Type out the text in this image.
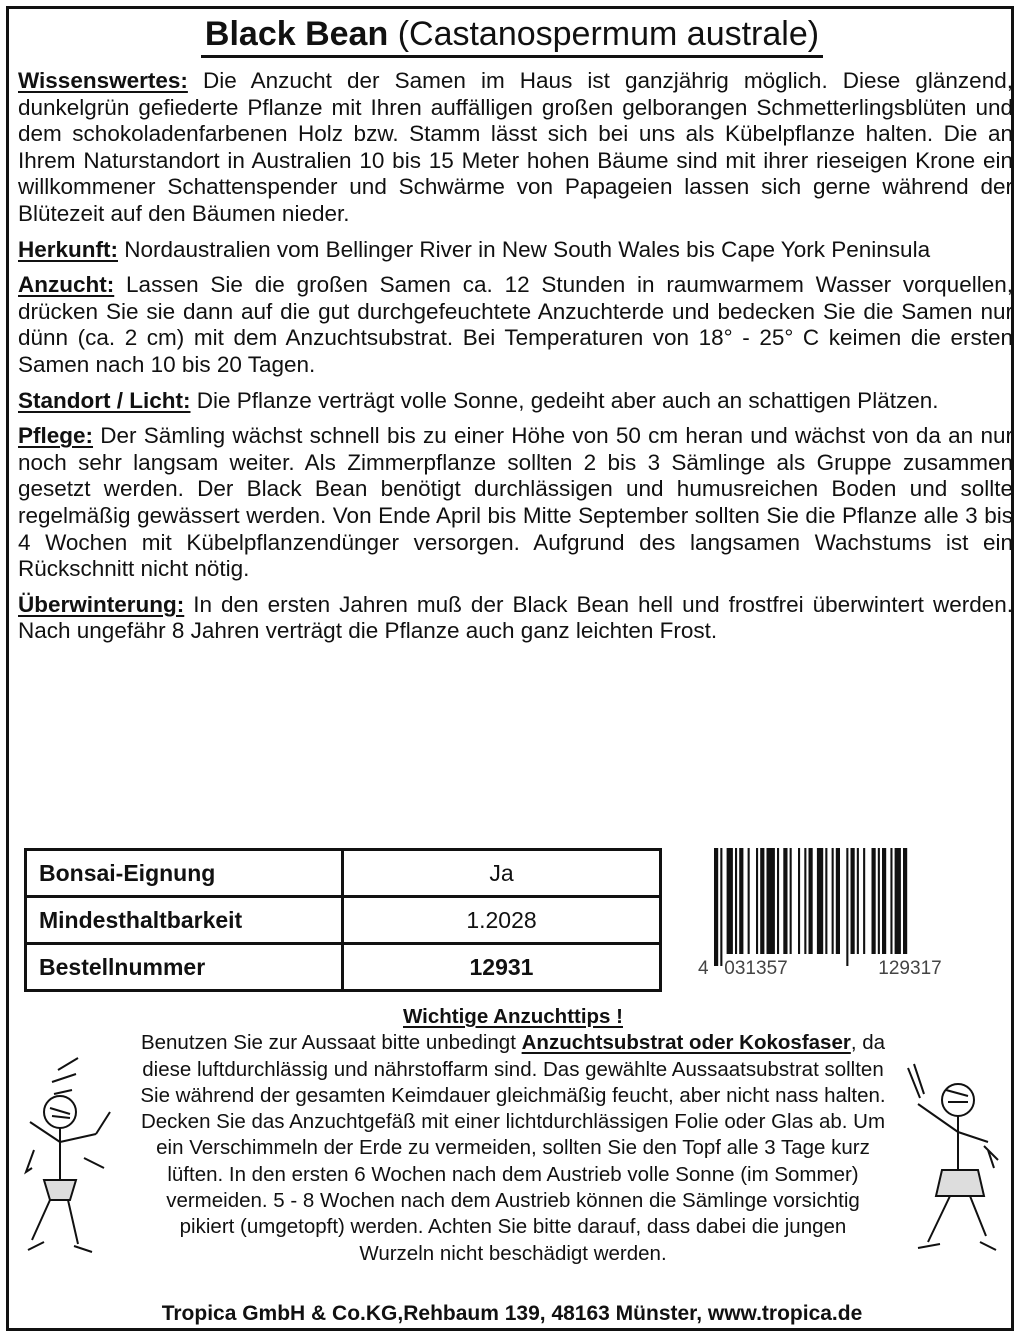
Black Bean (Castanospermum australe)

Wissenswertes: Die Anzucht der Samen im Haus ist ganzjährig möglich. Diese glänzend, dunkelgrün gefiederte Pflanze mit Ihren auffälligen großen gelborangen Schmetterlingsblüten und dem schokoladenfarbenen Holz bzw. Stamm lässt sich bei uns als Kübelpflanze halten. Die an Ihrem Naturstandort in Australien 10 bis 15 Meter hohen Bäume sind mit ihrer rieseigen Krone ein willkommener Schattenspender und Schwärme von Papageien lassen sich gerne während der Blütezeit auf den Bäumen nieder.

Herkunft: Nordaustralien vom Bellinger River in New South Wales bis Cape York Peninsula

Anzucht: Lassen Sie die großen Samen ca. 12 Stunden in raumwarmem Wasser vorquellen, drücken Sie sie dann auf die gut durchgefeuchtete Anzuchterde und bedecken Sie die Samen nur dünn (ca. 2 cm) mit dem Anzuchtsubstrat. Bei Temperaturen von 18° - 25° C keimen die ersten Samen nach 10 bis 20 Tagen.

Standort / Licht: Die Pflanze verträgt volle Sonne, gedeiht aber auch an schattigen Plätzen.

Pflege: Der Sämling wächst schnell bis zu einer Höhe von 50 cm heran und wächst von da an nur noch sehr langsam weiter. Als Zimmerpflanze sollten 2 bis 3 Sämlinge als Gruppe zusammen gesetzt werden. Der Black Bean benötigt durchlässigen und humusreichen Boden und sollte regelmäßig gewässert werden. Von Ende April bis Mitte September sollten Sie die Pflanze alle 3 bis 4 Wochen mit Kübelpflanzendünger versorgen. Aufgrund des langsamen Wachstums ist ein Rückschnitt nicht nötig.

Überwinterung: In den ersten Jahren muß der Black Bean hell und frostfrei überwintert werden. Nach ungefähr 8 Jahren verträgt die Pflanze auch ganz leichten Frost.

Bonsai-Eignung	Ja
Mindesthaltbarkeit	1.2028
Bestellnummer	12931	4 031357	129317
Wichtige Anzuchttips !
Benutzen Sie zur Aussaat bitte unbedingt Anzuchtsubstrat oder Kokosfaser, da diese luftdurchlässig und nährstoffarm sind. Das gewählte Aussaatsubstrat sollten Sie während der gesamten Keimdauer gleichmäßig feucht, aber nicht nass halten. Decken Sie das Anzuchtgefäß mit einer lichtdurchlässigen Folie oder Glas ab. Um ein Verschimmeln der Erde zu vermeiden, sollten Sie den Topf alle 3 Tage kurz lüften. In den ersten 6 Wochen nach dem Austrieb volle Sonne (im Sommer) vermeiden. 5 - 8 Wochen nach dem Austrieb können die Sämlinge vorsichtig pikiert (umgetopft) werden. Achten Sie bitte darauf, dass dabei die jungen Wurzeln nicht beschädigt werden.
Tropica GmbH & Co.KG,Rehbaum 139, 48163 Münster, www.tropica.de
